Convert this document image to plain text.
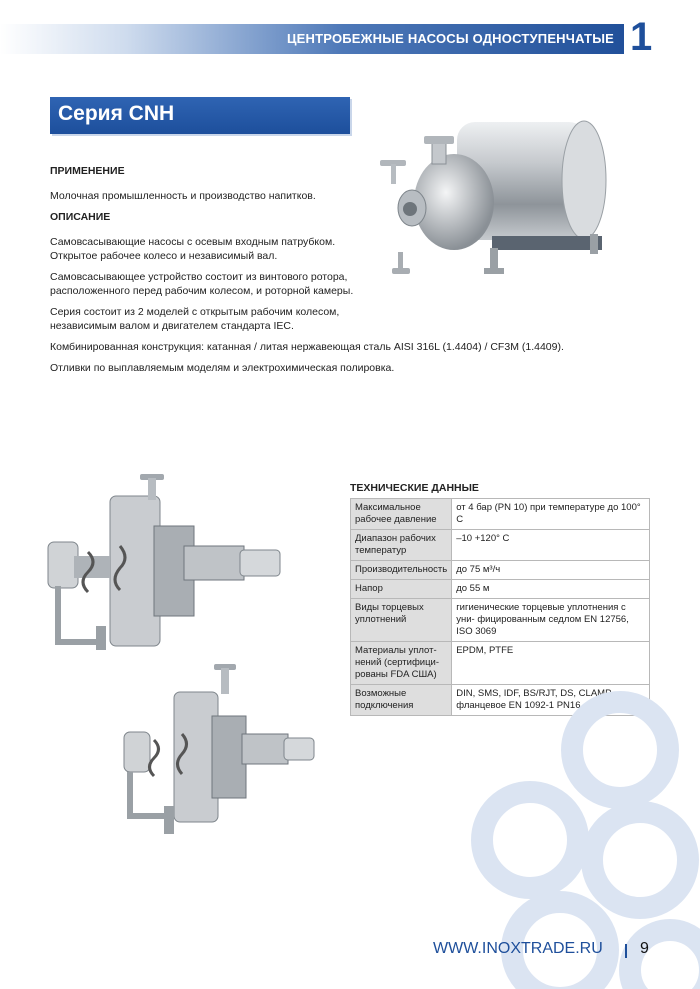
ЦЕНТРОБЕЖНЫЕ НАСОСЫ ОДНОСТУПЕНЧАТЫЕ 1
Серия CNH
ПРИМЕНЕНИЕ
Молочная промышленность и производство напитков.
ОПИСАНИЕ
Самовсасывающие насосы с осевым входным патрубком. Открытое рабочее колесо и независимый вал.
Самовсасывающее устройство состоит из винтового ротора, расположенного перед рабочим колесом, и роторной камеры.
Серия состоит из 2 моделей с открытым рабочим колесом, независимым валом и двигателем стандарта IEC.
Комбинированная конструкция: катанная / литая нержавеющая сталь AISI 316L (1.4404) / CF3M (1.4409).
Отливки по выплавляемым моделям и электрохимическая полировка.
ТЕХНИЧЕСКИЕ ДАННЫЕ
Максимальное рабочее давление	от 4 бар (PN 10) при температуре до 100° С
Диапазон рабочих температур	–10 +120° С
Производительность	до 75 м³/ч
Напор	до 55 м
Виды торцевых уплотнений	гигиенические торцевые уплотнения с уни- фицированным седлом EN 12756, ISO 3069
Материалы уплот- нений (сертифици- рованы FDA США)	EPDM, PTFE
Возможные подключения	DIN, SMS, IDF, BS/RJT, DS, CLAMP, фланцевое EN 1092-1 PN16
WWW.INOXTRADE.RU 9
